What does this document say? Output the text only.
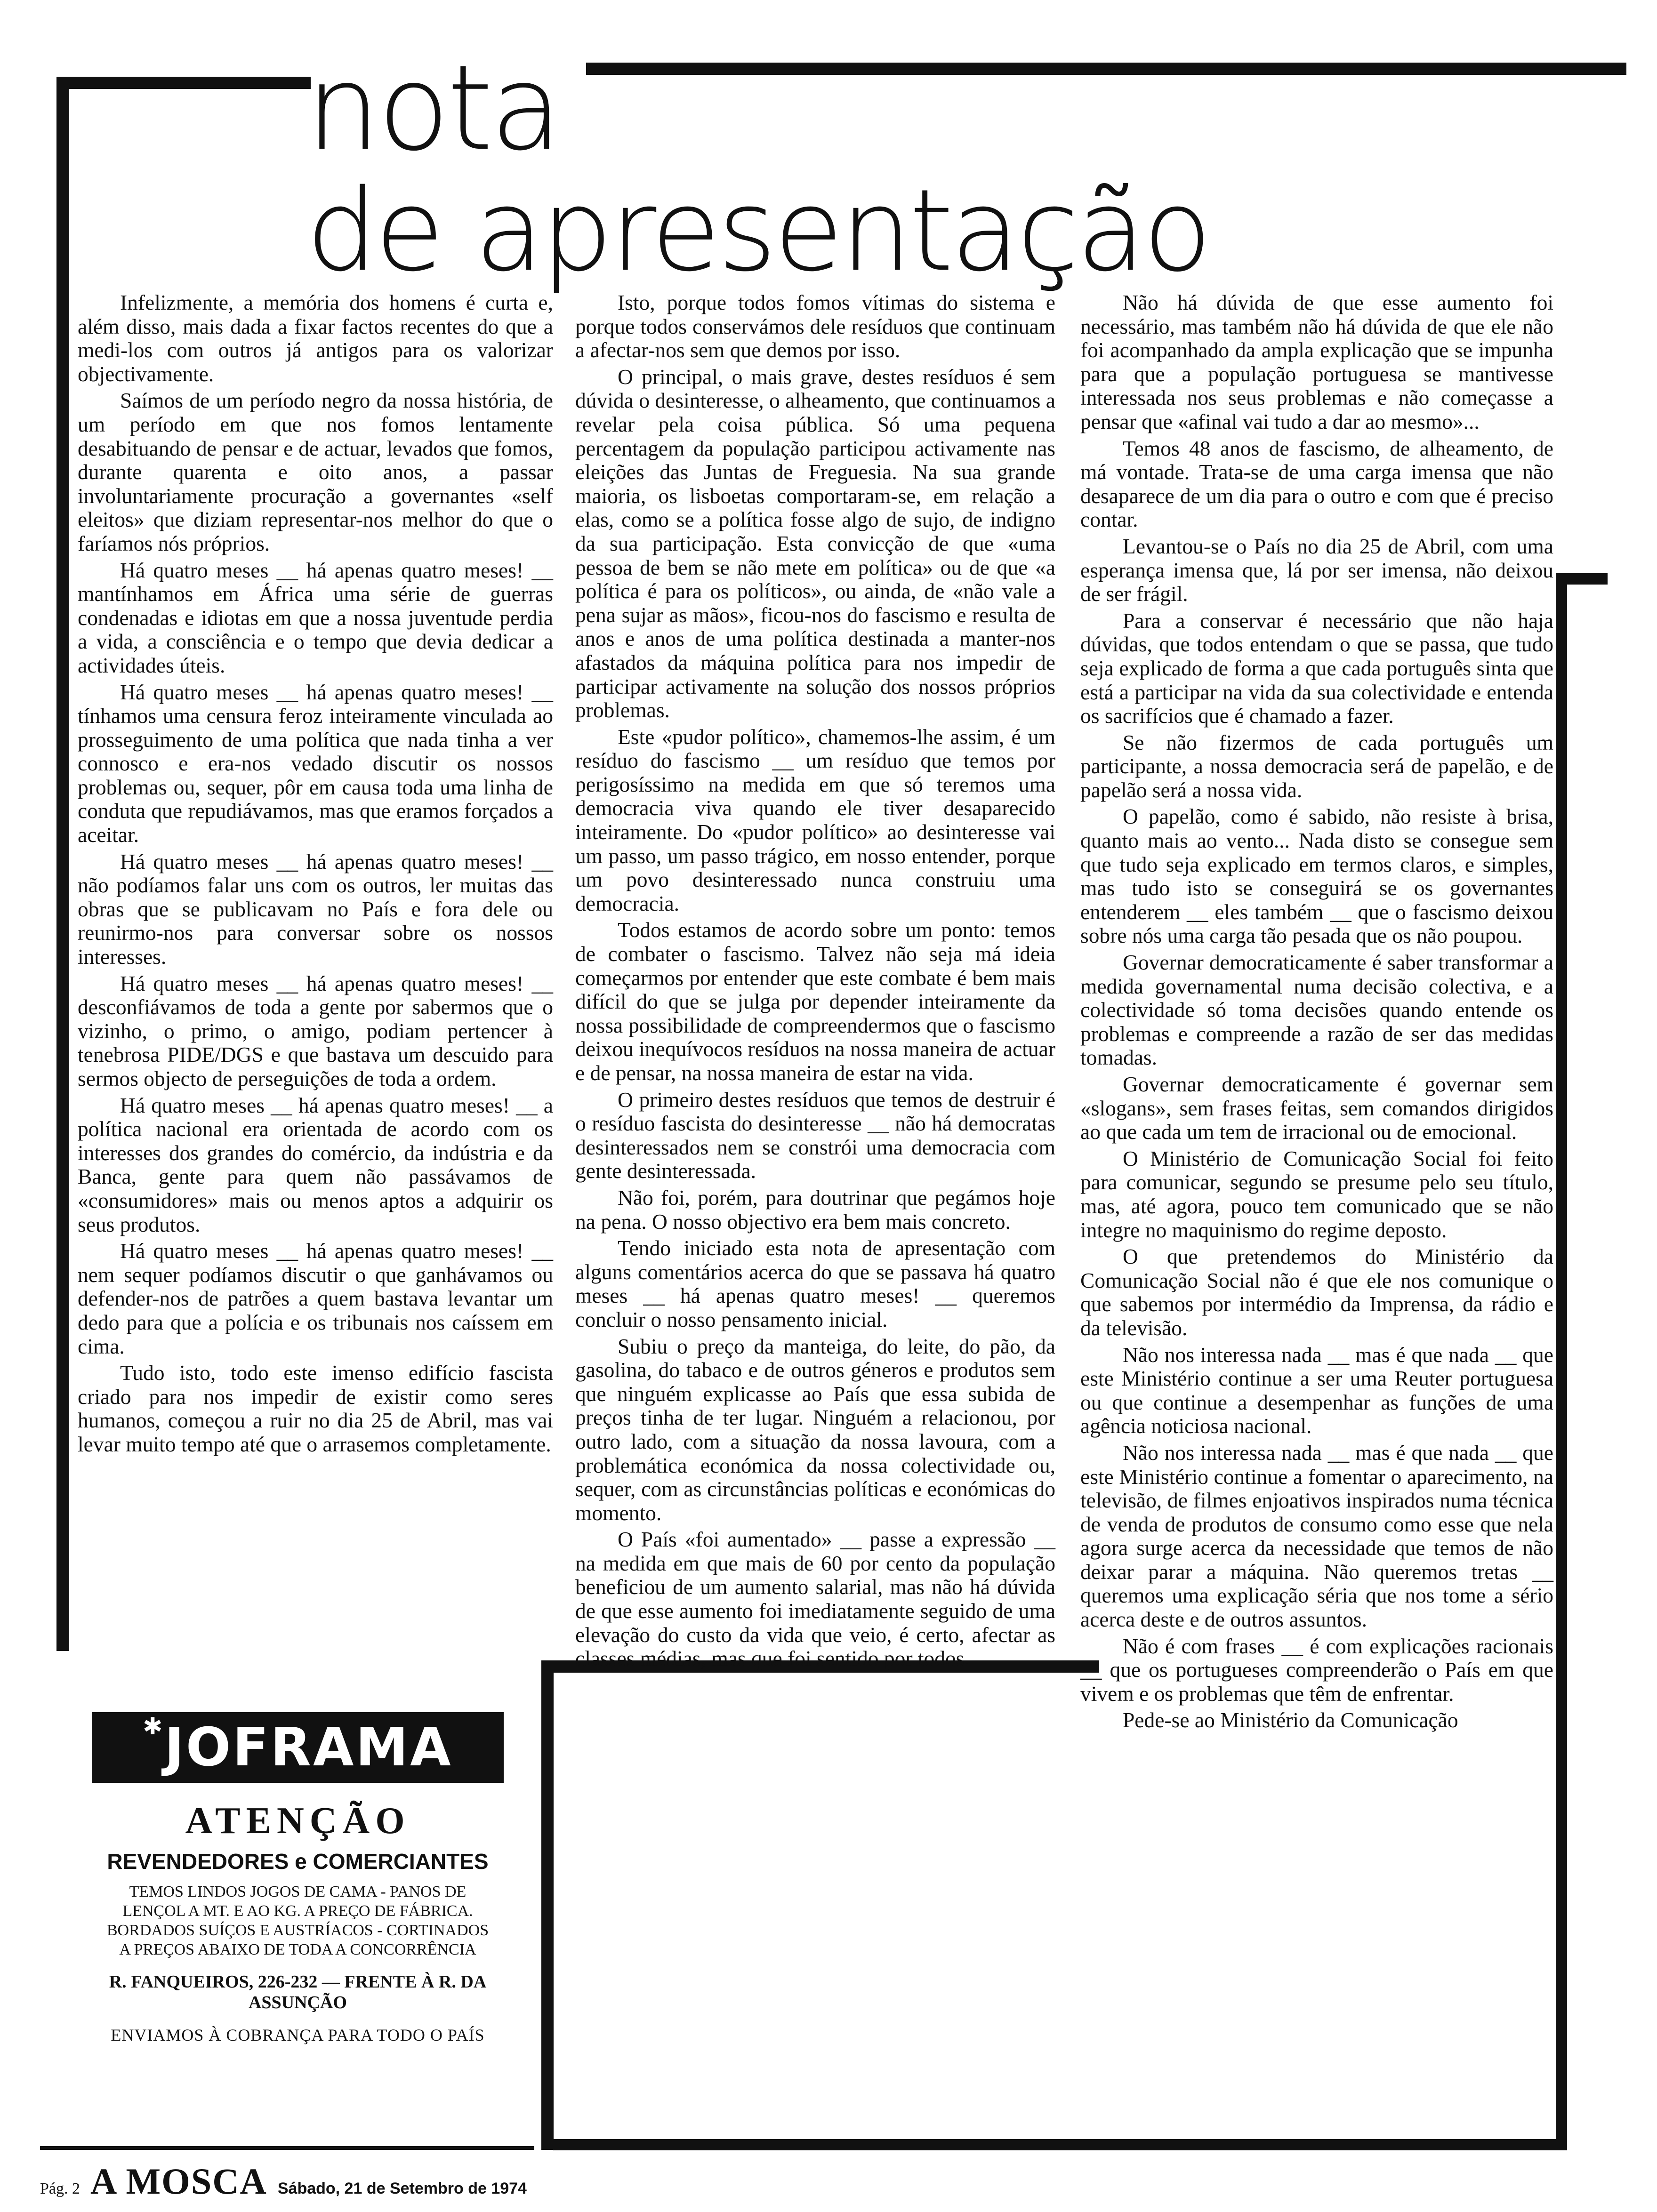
nota
de apresentação

Infelizmente, a memória dos homens é curta e, além disso, mais dada a fixar factos recentes do que a medi-los com outros já antigos para os valorizar objectivamente.

Saímos de um período negro da nossa história, de um período em que nos fomos lentamente desabituando de pensar e de actuar, levados que fomos, durante quarenta e oito anos, a passar involuntariamente procuração a governantes «self eleitos» que diziam representar-nos melhor do que o faríamos nós próprios.

Há quatro meses __ há apenas quatro meses! __ mantínhamos em África uma série de guerras condenadas e idiotas em que a nossa juventude perdia a vida, a consciência e o tempo que devia dedicar a actividades úteis.

Há quatro meses __ há apenas quatro meses! __ tínhamos uma censura feroz inteiramente vinculada ao prosseguimento de uma política que nada tinha a ver connosco e era-nos vedado discutir os nossos problemas ou, sequer, pôr em causa toda uma linha de conduta que repudiávamos, mas que eramos forçados a aceitar.

Há quatro meses __ há apenas quatro meses! __ não podíamos falar uns com os outros, ler muitas das obras que se publicavam no País e fora dele ou reunirmo-nos para conversar sobre os nossos interesses.

Há quatro meses __ há apenas quatro meses! __ desconfiávamos de toda a gente por sabermos que o vizinho, o primo, o amigo, podiam pertencer à tenebrosa PIDE/DGS e que bastava um descuido para sermos objecto de perseguições de toda a ordem.

Há quatro meses __ há apenas quatro meses! __ a política nacional era orientada de acordo com os interesses dos grandes do comércio, da indústria e da Banca, gente para quem não passávamos de «consumidores» mais ou menos aptos a adquirir os seus produtos.

Há quatro meses __ há apenas quatro meses! __ nem sequer podíamos discutir o que ganhávamos ou defender-nos de patrões a quem bastava levantar um dedo para que a polícia e os tribunais nos caíssem em cima.

Tudo isto, todo este imenso edifício fascista criado para nos impedir de existir como seres humanos, começou a ruir no dia 25 de Abril, mas vai levar muito tempo até que o arrasemos completamente.

Isto, porque todos fomos vítimas do sistema e porque todos conservámos dele resíduos que continuam a afectar-nos sem que demos por isso.

O principal, o mais grave, destes resíduos é sem dúvida o desinteresse, o alheamento, que continuamos a revelar pela coisa pública. Só uma pequena percentagem da população participou activamente nas eleições das Juntas de Freguesia. Na sua grande maioria, os lisboetas comportaram-se, em relação a elas, como se a política fosse algo de sujo, de indigno da sua participação. Esta convicção de que «uma pessoa de bem se não mete em política» ou de que «a política é para os políticos», ou ainda, de «não vale a pena sujar as mãos», ficou-nos do fascismo e resulta de anos e anos de uma política destinada a manter-nos afastados da máquina política para nos impedir de participar activamente na solução dos nossos próprios problemas.

Este «pudor político», chamemos-lhe assim, é um resíduo do fascismo __ um resíduo que temos por perigosíssimo na medida em que só teremos uma democracia viva quando ele tiver desaparecido inteiramente. Do «pudor político» ao desinteresse vai um passo, um passo trágico, em nosso entender, porque um povo desinteressado nunca construiu uma democracia.

Todos estamos de acordo sobre um ponto: temos de combater o fascismo. Talvez não seja má ideia começarmos por entender que este combate é bem mais difícil do que se julga por depender inteiramente da nossa possibilidade de compreendermos que o fascismo deixou inequívocos resíduos na nossa maneira de actuar e de pensar, na nossa maneira de estar na vida.

O primeiro destes resíduos que temos de destruir é o resíduo fascista do desinteresse __ não há democratas desinteressados nem se constrói uma democracia com gente desinteressada.

Não foi, porém, para doutrinar que pegámos hoje na pena. O nosso objectivo era bem mais concreto.

Tendo iniciado esta nota de apresentação com alguns comentários acerca do que se passava há quatro meses __ há apenas quatro meses! __ queremos concluir o nosso pensamento inicial.

Subiu o preço da manteiga, do leite, do pão, da gasolina, do tabaco e de outros géneros e produtos sem que ninguém explicasse ao País que essa subida de preços tinha de ter lugar. Ninguém a relacionou, por outro lado, com a situação da nossa lavoura, com a problemática económica da nossa colectividade ou, sequer, com as circunstâncias políticas e económicas do momento.

O País «foi aumentado» __ passe a expressão __ na medida em que mais de 60 por cento da população beneficiou de um aumento salarial, mas não há dúvida de que esse aumento foi imediatamente seguido de uma elevação do custo da vida que veio, é certo, afectar as classes médias, mas que foi sentido por todos.

Não há dúvida de que esse aumento foi necessário, mas também não há dúvida de que ele não foi acompanhado da ampla explicação que se impunha para que a população portuguesa se mantivesse interessada nos seus problemas e não começasse a pensar que «afinal vai tudo a dar ao mesmo»...

Temos 48 anos de fascismo, de alheamento, de má vontade. Trata-se de uma carga imensa que não desaparece de um dia para o outro e com que é preciso contar.

Levantou-se o País no dia 25 de Abril, com uma esperança imensa que, lá por ser imensa, não deixou de ser frágil.

Para a conservar é necessário que não haja dúvidas, que todos entendam o que se passa, que tudo seja explicado de forma a que cada português sinta que está a participar na vida da sua colectividade e entenda os sacrifícios que é chamado a fazer.

Se não fizermos de cada português um participante, a nossa democracia será de papelão, e de papelão será a nossa vida.

O papelão, como é sabido, não resiste à brisa, quanto mais ao vento... Nada disto se consegue sem que tudo seja explicado em termos claros, e simples, mas tudo isto se conseguirá se os governantes entenderem __ eles também __ que o fascismo deixou sobre nós uma carga tão pesada que os não poupou.

Governar democraticamente é saber transformar a medida governamental numa decisão colectiva, e a colectividade só toma decisões quando entende os problemas e compreende a razão de ser das medidas tomadas.

Governar democraticamente é governar sem «slogans», sem frases feitas, sem comandos dirigidos ao que cada um tem de irracional ou de emocional.

O Ministério de Comunicação Social foi feito para comunicar, segundo se presume pelo seu título, mas, até agora, pouco tem comunicado que se não integre no maquinismo do regime deposto.

O que pretendemos do Ministério da Comunicação Social não é que ele nos comunique o que sabemos por intermédio da Imprensa, da rádio e da televisão.

Não nos interessa nada __ mas é que nada __ que este Ministério continue a ser uma Reuter portuguesa ou que continue a desempenhar as funções de uma agência noticiosa nacional.

Não nos interessa nada __ mas é que nada __ que este Ministério continue a fomentar o aparecimento, na televisão, de filmes enjoativos inspirados numa técnica de venda de produtos de consumo como esse que nela agora surge acerca da necessidade que temos de não deixar parar a máquina. Não queremos tretas __ queremos uma explicação séria que nos tome a sério acerca deste e de outros assuntos.

Não é com frases __ é com explicações racionais __ que os portugueses compreenderão o País em que vivem e os problemas que têm de enfrentar.

Pede-se ao Ministério da Comunicação

✱JOFRAMA
ATENÇÃO
REVENDEDORES e COMERCIANTES
TEMOS LINDOS JOGOS DE CAMA - PANOS DE LENÇOL A MT. E AO KG. A PREÇO DE FÁBRICA. BORDADOS SUÍÇOS E AUSTRÍACOS - CORTINADOS A PREÇOS ABAIXO DE TODA A CONCORRÊNCIA
R. FANQUEIROS, 226-232 — FRENTE À R. DA ASSUNÇÃO
ENVIAMOS À COBRANÇA PARA TODO O PAÍS
Pág. 2 A MOSCA Sábado, 21 de Setembro de 1974
